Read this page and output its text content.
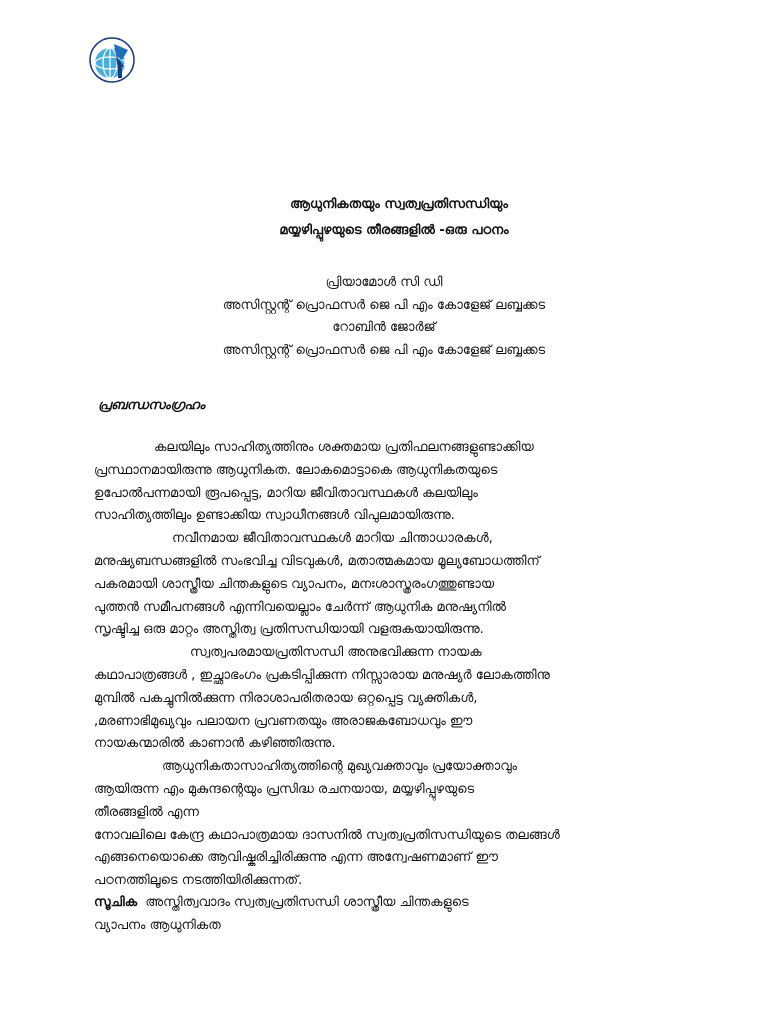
ആധുനികതയും സ്വത്വപ്രതിസന്ധിയും

മയ്യഴിപ്പുഴയുടെ തീരങ്ങളിൽ -ഒരു പഠനം

പ്രിയാമോൾ സി ഡി

അസിസ്റ്റന്റ് പ്രൊഫസർ ജെ പി എം കോളേജ് ലബ്ബക്കട

റോബിൻ ജോർജ്

അസിസ്റ്റന്റ് പ്രൊഫസർ ജെ പി എം കോളേജ് ലബ്ബക്കട

പ്രബന്ധസംഗ്രഹം

കലയിലും സാഹിത്യത്തിനും ശക്തമായ പ്രതിഫലനങ്ങളുണ്ടാക്കിയ

പ്രസ്ഥാനമായിരുന്നു ആധുനികത. ലോകമൊട്ടാകെ ആധുനികതയുടെ

ഉപോൽപന്നമായി രൂപപ്പെട്ട, മാറിയ ജീവിതാവസ്ഥകൾ കലയിലും

സാഹിത്യത്തിലും ഉണ്ടാക്കിയ സ്വാധീനങ്ങൾ വിപുലമായിരുന്നു.

നവീനമായ ജീവിതാവസ്ഥകൾ മാറിയ ചിന്താധാരകൾ,

മനുഷ്യബന്ധങ്ങളിൽ സംഭവിച്ച വിടവുകൾ, മതാത്മകമായ മൂല്യബോധത്തിന്

പകരമായി ശാസ്ത്രീയ ചിന്തകളുടെ വ്യാപനം, മനഃശാസ്ത്രരംഗത്തുണ്ടായ

പുത്തൻ സമീപനങ്ങൾ എന്നിവയെല്ലാം ചേർന്ന് ആധുനിക മനുഷ്യനിൽ

സൃഷ്ടിച്ച ഒരു മാറ്റം അസ്തിത്വ പ്രതിസന്ധിയായി വളരുകയായിരുന്നു.

സ്വത്വപരമായപ്രതിസന്ധി അനുഭവിക്കുന്ന നായക

കഥാപാത്രങ്ങൾ , ഇച്ഛാഭംഗം പ്രകടിപ്പിക്കുന്ന നിസ്സാരായ മനുഷ്യർ ലോകത്തിനു

മുമ്പിൽ പകച്ചുനിൽക്കുന്ന നിരാശാപരിതരായ ഒറ്റപ്പെട്ട വ്യക്തികൾ,

,മരണാഭിമുഖ്യവും പലായന പ്രവണതയും അരാജകബോധവും ഈ

നായകന്മാരിൽ കാണാൻ കഴിഞ്ഞിരുന്നു.

ആധുനികതാസാഹിത്യത്തിന്റെ മുഖ്യവക്താവും പ്രയോക്താവും

ആയിരുന്ന എം മുകുന്ദന്റെയും പ്രസിദ്ധ രചനയായ, മയ്യഴിപ്പുഴയുടെ

തീരങ്ങളിൽ എന്ന

നോവലിലെ കേന്ദ്ര കഥാപാത്രമായ ദാസനിൽ സ്വത്വപ്രതിസന്ധിയുടെ തലങ്ങൾ

എങ്ങനെയൊക്കെ ആവിഷ്കരിച്ചിരിക്കുന്നു എന്ന അന്വേഷണമാണ് ഈ

പഠനത്തിലൂടെ നടത്തിയിരിക്കുന്നത്.

സൂചിക അസ്തിത്വവാദം സ്വത്വപ്രതിസന്ധി ശാസ്ത്രീയ ചിന്തകളുടെ

വ്യാപനം ആധുനികത
